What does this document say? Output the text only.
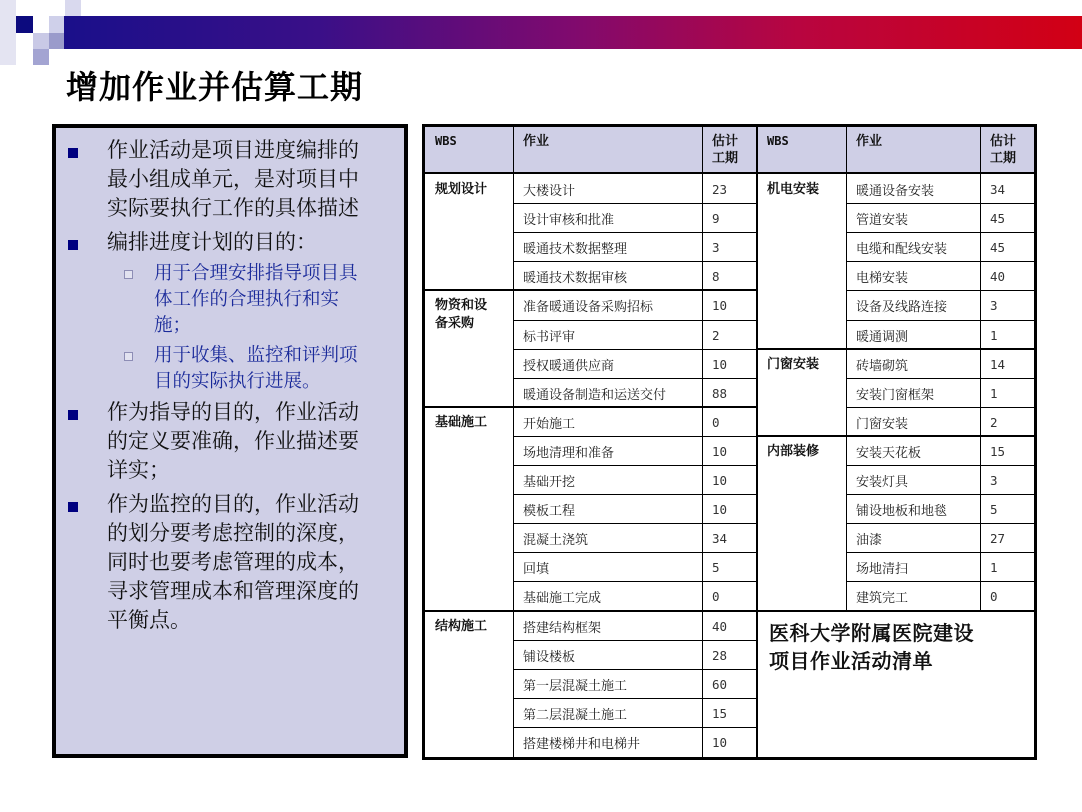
增加作业并估算工期
作业活动是项目进度编排的
最小组成单元，是对项目中
实际要执行工作的具体描述
编排进度计划的目的：
用于合理安排指导项目具
体工作的合理执行和实
施；
用于收集、监控和评判项
目的实际执行进展。
作为指导的目的，作业活动
的定义要准确，作业描述要
详实；
作为监控的目的，作业活动
的划分要考虑控制的深度，
同时也要考虑管理的成本，
寻求管理成本和管理深度的
平衡点。
WBS	作业	估计
工期
WBS	作业	估计
工期
规划设计	大楼设计	23
设计审核和批准	9
暖通技术数据整理	3
暖通技术数据审核	8
物资和设
备采购
准备暖通设备采购招标	10
标书评审	2
授权暖通供应商	10
暖通设备制造和运送交付	88
基础施工	开始施工	0
场地清理和准备	10
基础开挖	10
模板工程	10
混凝土浇筑	34
回填	5
基础施工完成	0
结构施工	搭建结构框架	40
铺设楼板	28
第一层混凝土施工	60
第二层混凝土施工	15
搭建楼梯井和电梯井	10
机电安装	暖通设备安装	34
管道安装	45
电缆和配线安装	45
电梯安装	40
设备及线路连接	3
暖通调测	1
门窗安装	砖墙砌筑	14
安装门窗框架	1
门窗安装	2
内部装修	安装天花板	15
安装灯具	3
铺设地板和地毯	5
油漆	27
场地清扫	1
建筑完工	0
医科大学附属医院建设
项目作业活动清单
